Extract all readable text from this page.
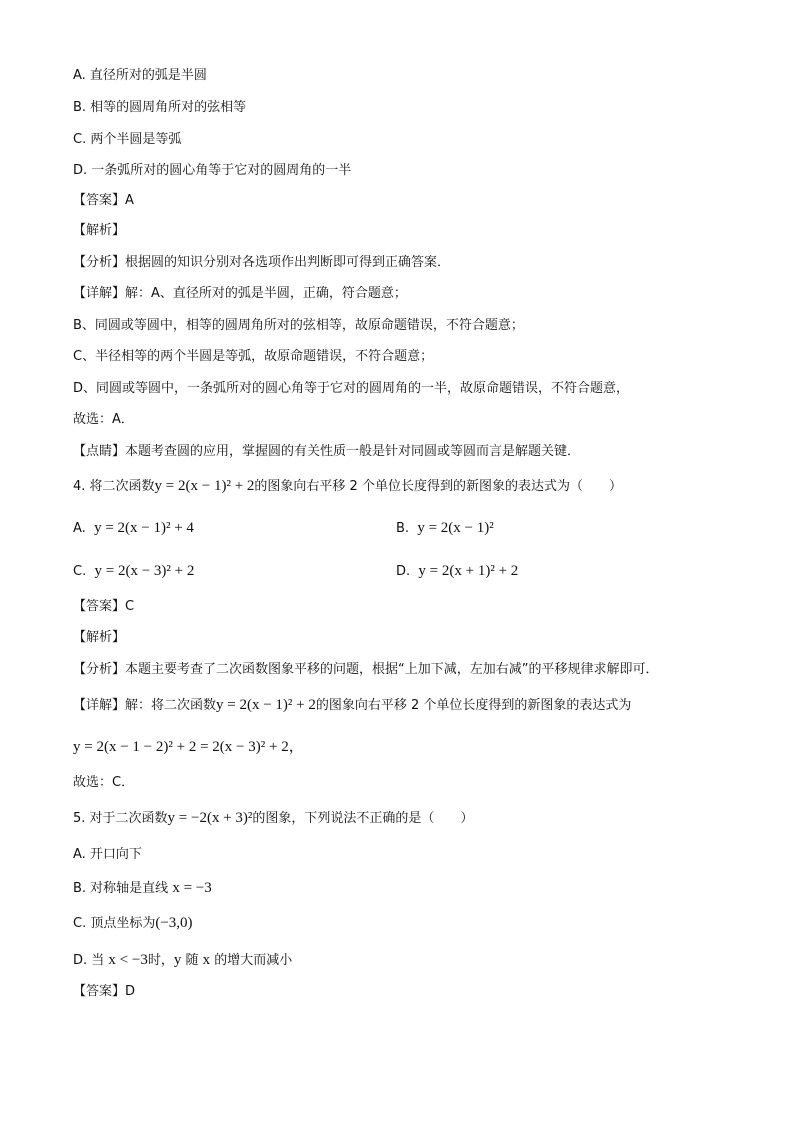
A. 直径所对的弧是半圆
B. 相等的圆周角所对的弦相等
C. 两个半圆是等弧
D. 一条弧所对的圆心角等于它对的圆周角的一半
【答案】A
【解析】
【分析】根据圆的知识分别对各选项作出判断即可得到正确答案．
【详解】解：A、直径所对的弧是半圆，正确，符合题意；
B、同圆或等圆中，相等的圆周角所对的弦相等，故原命题错误，不符合题意；
C、半径相等的两个半圆是等弧，故原命题错误，不符合题意；
D、同圆或等圆中，一条弧所对的圆心角等于它对的圆周角的一半，故原命题错误，不符合题意，
故选：A．
【点睛】本题考查圆的应用，掌握圆的有关性质一般是针对同圆或等圆而言是解题关键．
4. 将二次函数y = 2(x − 1)² + 2的图象向右平移 2 个单位长度得到的新图象的表达式为（　　）
A. y = 2(x − 1)² + 4	B. y = 2(x − 1)²
C. y = 2(x − 3)² + 2	D. y = 2(x + 1)² + 2
【答案】C
【解析】
【分析】本题主要考查了二次函数图象平移的问题，根据“上加下减，左加右减”的平移规律求解即可．
【详解】解：将二次函数y = 2(x − 1)² + 2的图象向右平移 2 个单位长度得到的新图象的表达式为
y = 2(x − 1 − 2)² + 2 = 2(x − 3)² + 2，
故选：C．
5. 对于二次函数y = −2(x + 3)²的图象，下列说法不正确的是（　　）
A. 开口向下
B. 对称轴是直线 x = −3
C. 顶点坐标为(−3,0)
D. 当 x < −3时，y 随 x 的增大而减小
【答案】D
